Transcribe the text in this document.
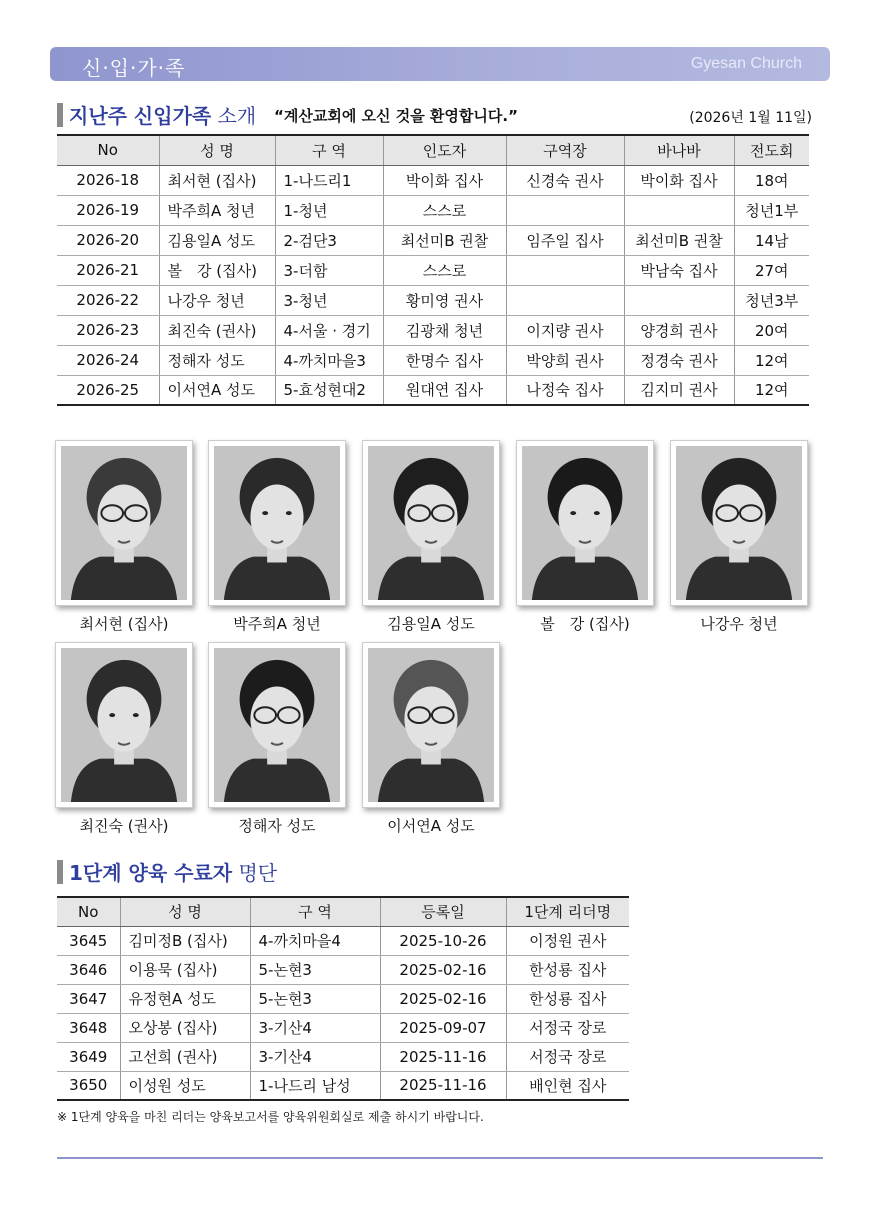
신·입·가·족	Gyesan Church
지난주 신입가족 소개 “계산교회에 오신 것을 환영합니다.”	(2026년 1월 11일)
No	성 명	구 역	인도자	구역장	바나바	전도회
2026-18	최서현 (집사)	1-나드리1	박이화 집사	신경숙 권사	박이화 집사	18여
2026-19	박주희A 청년	1-청년	스스로			청년1부
2026-20	김용일A 성도	2-검단3	최선미B 권찰	임주일 집사	최선미B 권찰	14남
2026-21	볼　강 (집사)	3-더함	스스로		박남숙 집사	27여
2026-22	나강우 청년	3-청년	황미영 권사			청년3부
2026-23	최진숙 (권사)	4-서울 · 경기	김광채 청년	이지량 권사	양경희 권사	20여
2026-24	정해자 성도	4-까치마을3	한명수 집사	박양희 권사	정경숙 권사	12여
2026-25	이서연A 성도	5-효성현대2	원대연 집사	나정숙 집사	김지미 권사	12여
최서현 (집사)	박주희A 청년	김용일A 성도	볼　강 (집사)	나강우 청년
최진숙 (권사)	정해자 성도	이서연A 성도
1단계 양육 수료자 명단
No	성 명	구 역	등록일	1단계 리더명
3645	김미정B (집사)	4-까치마을4	2025-10-26	이정원 권사
3646	이용묵 (집사)	5-논현3	2025-02-16	한성룡 집사
3647	유정현A 성도	5-논현3	2025-02-16	한성룡 집사
3648	오상봉 (집사)	3-기산4	2025-09-07	서정국 장로
3649	고선희 (권사)	3-기산4	2025-11-16	서정국 장로
3650	이성원 성도	1-나드리 남성	2025-11-16	배인현 집사
※ 1단계 양육을 마친 리더는 양육보고서를 양육위원회실로 제출 하시기 바랍니다.
